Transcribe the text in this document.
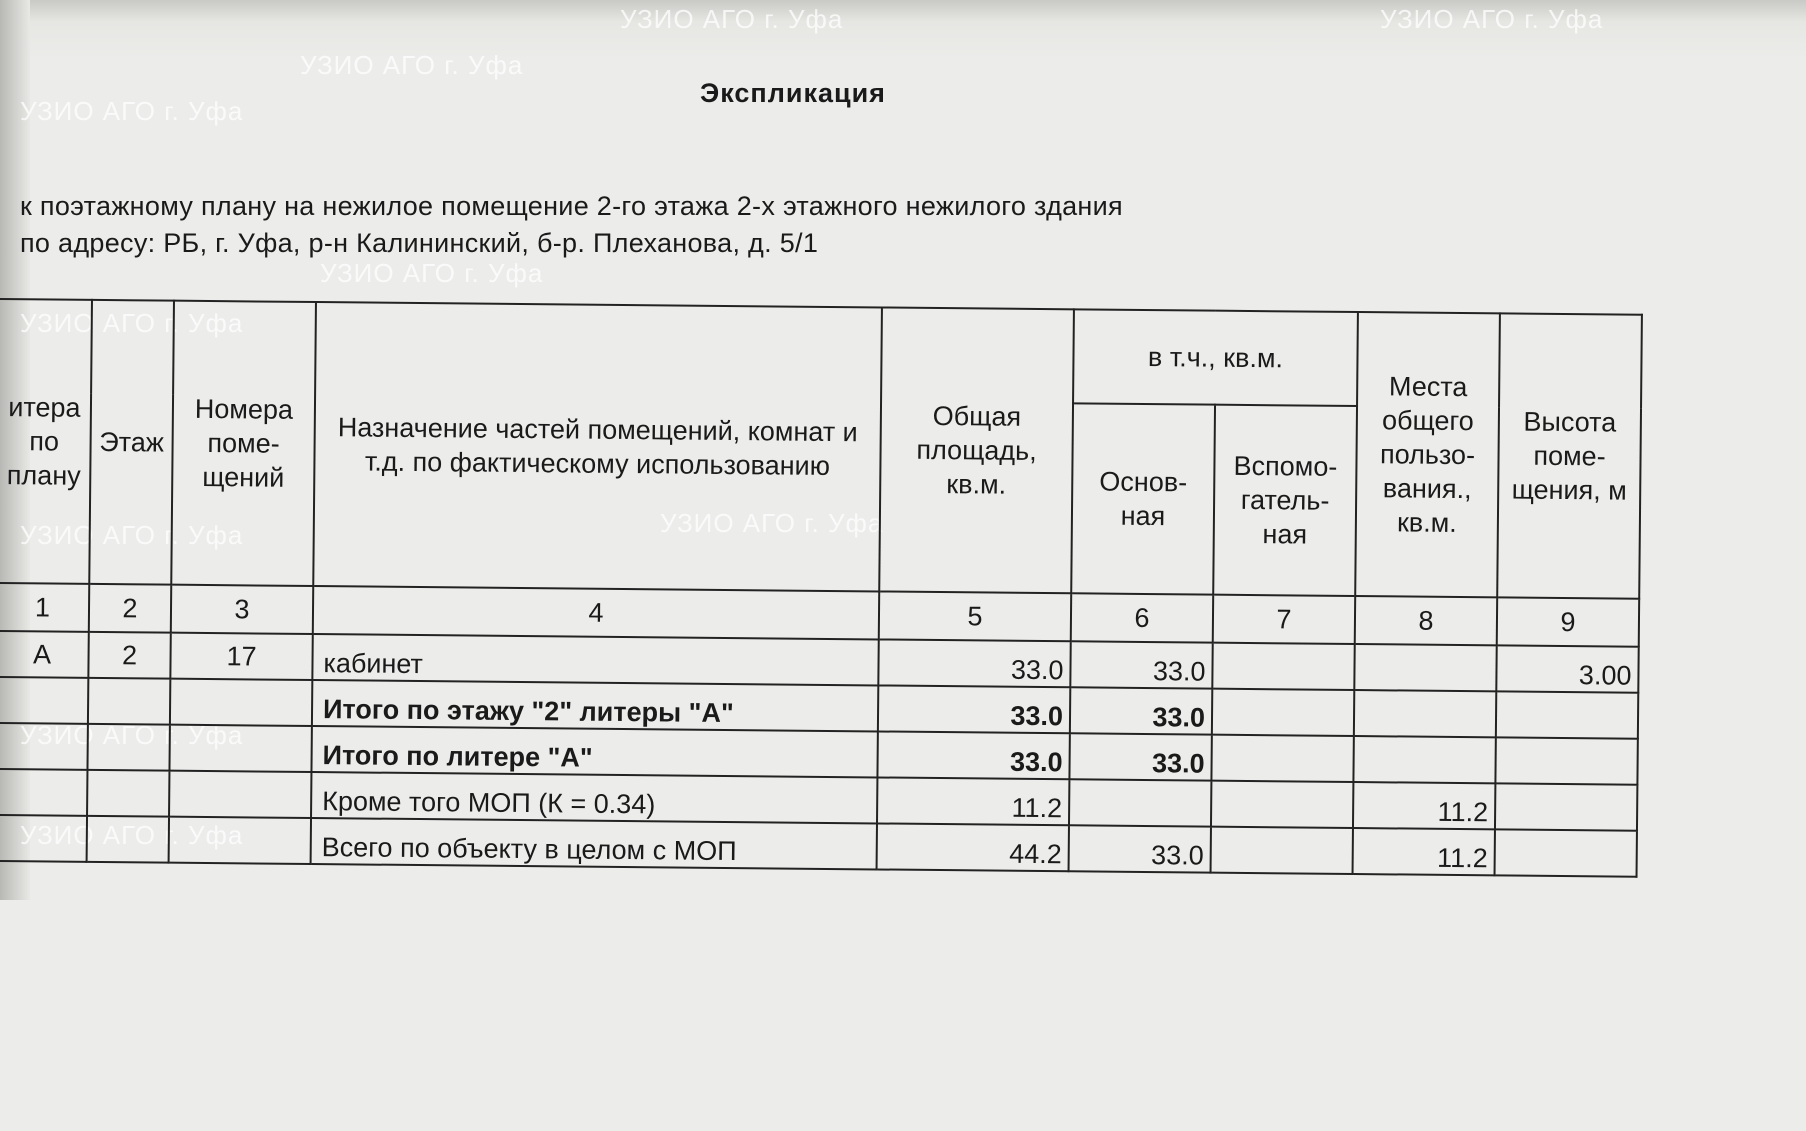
УЗИО АГО г. Уфа
УЗИО АГО г. Уфа
УЗИО АГО г. Уфа
УЗИО АГО г. Уфа
УЗИО АГО г. Уфа
УЗИО АГО г. Уфа
УЗИО АГО г. Уфа
УЗИО АГО г. Уфа
УЗИО АГО г. Уфа
УЗИО АГО г. Уфа
Экспликация
к поэтажному плану на нежилое помещение 2-го этажа 2-х этажного нежилого здания
по адресу: РБ, г. Уфа, р-н Калининский, б-р. Плеханова, д. 5/1
итера по плану	Этаж	Номера поме-щений	Назначение частей помещений, комнат и т.д. по фактическому использованию	Общая площадь, кв.м.	в т.ч., кв.м.		Места общего пользо-вания., кв.м.	Высота поме-щения, м
					Основ-ная	Вспомо-гатель-ная		
1	2	3	4	5	6	7	8	9
А	2	17	кабинет	33.0	33.0			3.00
			Итого по этажу "2" литеры "А"	33.0	33.0			
			Итого по литере "А"	33.0	33.0			
			Кроме того МОП (К = 0.34)	11.2			11.2	
			Всего по объекту в целом с МОП	44.2	33.0		11.2	
